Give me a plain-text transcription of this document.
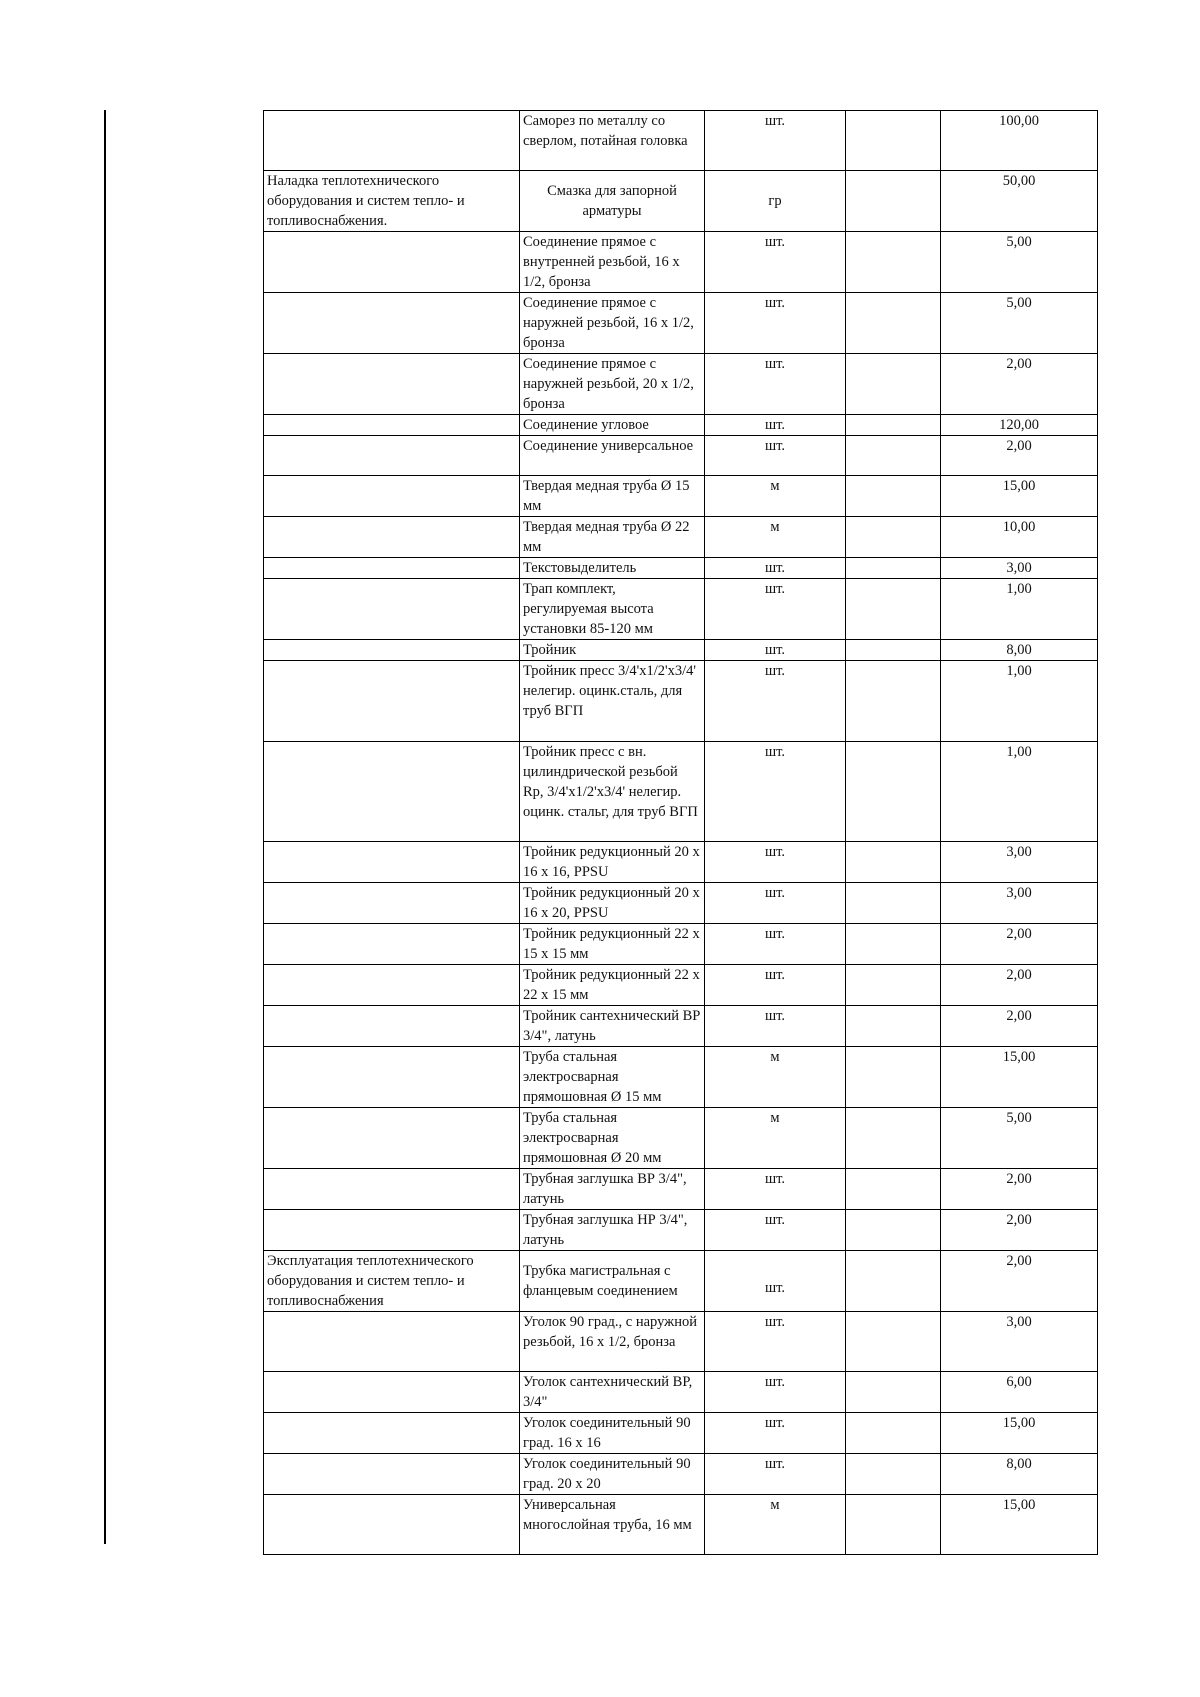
	Саморез по металлу со сверлом, потайная головка	шт.		100,00
Наладка теплотехнического оборудования и систем тепло- и топливоснабжения.	Смазка для запорной арматуры	гр		50,00
	Соединение прямое с внутренней резьбой, 16 х 1/2, бронза	шт.		5,00
	Соединение прямое с наружней резьбой, 16 х 1/2, бронза	шт.		5,00
	Соединение прямое с наружней резьбой, 20 х 1/2, бронза	шт.		2,00
	Соединение угловое	шт.		120,00
	Соединение универсальное	шт.		2,00
	Твердая медная труба Ø 15 мм	м		15,00
	Твердая медная труба Ø 22 мм	м		10,00
	Текстовыделитель	шт.		3,00
	Трап комплект, регулируемая высота установки 85-120 мм	шт.		1,00
	Тройник	шт.		8,00
	Тройник пресс 3/4'х1/2'х3/4' нелегир. оцинк.сталь, для труб ВГП	шт.		1,00
	Тройник пресс с вн. цилиндрической резьбой Rp, 3/4'х1/2'х3/4' нелегир. оцинк. стальг, для труб ВГП	шт.		1,00
	Тройник редукционный 20 х 16 х 16, PPSU	шт.		3,00
	Тройник редукционный 20 х 16 х 20, PPSU	шт.		3,00
	Тройник редукционный 22 х 15 х 15 мм	шт.		2,00
	Тройник редукционный 22 х 22 х 15 мм	шт.		2,00
	Тройник сантехнический ВР 3/4", латунь	шт.		2,00
	Труба стальная электросварная прямошовная Ø 15 мм	м		15,00
	Труба стальная электросварная прямошовная Ø 20 мм	м		5,00
	Трубная заглушка ВР 3/4", латунь	шт.		2,00
	Трубная заглушка НР 3/4", латунь	шт.		2,00
Эксплуатация теплотехнического оборудования и систем тепло- и топливоснабжения	Трубка магистральная с фланцевым соединением	шт.		2,00
	Уголок 90 град., с наружной резьбой, 16 х 1/2, бронза	шт.		3,00
	Уголок сантехнический ВР, 3/4"	шт.		6,00
	Уголок соединительный 90 град. 16 х 16	шт.		15,00
	Уголок соединительный 90 град. 20 х 20	шт.		8,00
	Универсальная многослойная труба, 16 мм	м		15,00
